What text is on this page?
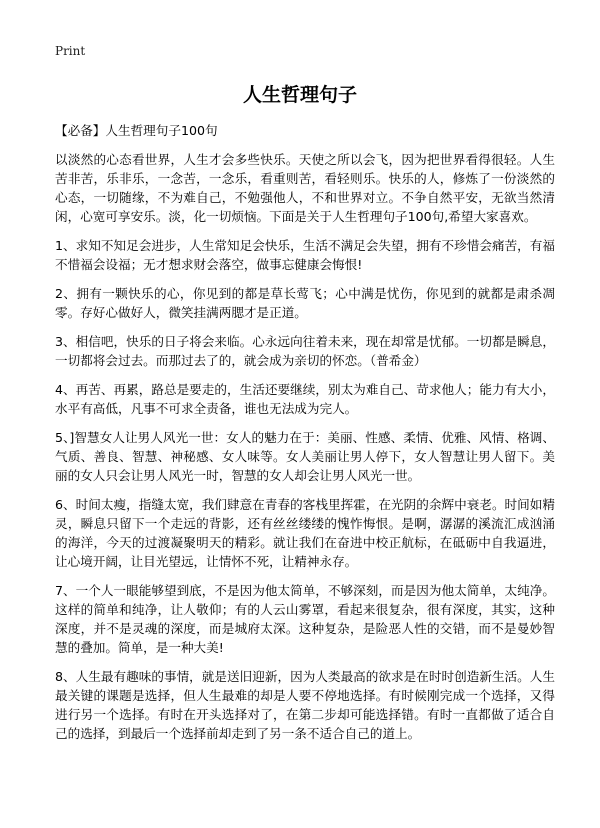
Print
人生哲理句子

【必备】人生哲理句子100句

以淡然的心态看世界，人生才会多些快乐。天使之所以会飞，因为把世界看得很轻。人生苦非苦，乐非乐，一念苦，一念乐，看重则苦，看轻则乐。快乐的人，修炼了一份淡然的心态，一切随缘，不为难自己，不勉强他人，不和世界对立。不争自然平安，无欲当然清闲，心宽可享安乐。淡，化一切烦恼。下面是关于人生哲理句子100句,希望大家喜欢。

1、求知不知足会进步，人生常知足会快乐，生活不满足会失望，拥有不珍惜会痛苦，有福不惜福会设福；无才想求财会落空，做事忘健康会悔恨!

2、拥有一颗快乐的心，你见到的都是草长莺飞；心中满是忧伤，你见到的就都是肃杀凋零。存好心做好人，微笑挂满两腮才是正道。

3、相信吧，快乐的日子将会来临。心永远向往着未来，现在却常是忧郁。一切都是瞬息，一切都将会过去。而那过去了的，就会成为亲切的怀恋。（普希金）

4、再苦、再累，路总是要走的，生活还要继续，别太为难自己、苛求他人；能力有大小，水平有高低，凡事不可求全责备，谁也无法成为完人。

5、]智慧女人让男人风光一世：女人的魅力在于：美丽、性感、柔情、优雅、风情、格调、气质、善良、智慧、神秘感、女人味等。女人美丽让男人停下，女人智慧让男人留下。美丽的女人只会让男人风光一时，智慧的女人却会让男人风光一世。

6、时间太瘦，指缝太宽，我们肆意在青春的客栈里挥霍，在光阴的余辉中衰老。时间如精灵，瞬息只留下一个走远的背影，还有丝丝缕缕的愧怍悔恨。是啊，潺潺的溪流汇成汹涌的海洋，今天的过渡凝聚明天的精彩。就让我们在奋进中校正航标，在砥砺中自我逼进，让心境开阔，让目光望远，让情怀不死，让精神永存。

7、一个人一眼能够望到底，不是因为他太简单，不够深刻，而是因为他太简单，太纯净。这样的简单和纯净，让人敬仰；有的人云山雾罩，看起来很复杂，很有深度，其实，这种深度，并不是灵魂的深度，而是城府太深。这种复杂，是险恶人性的交错，而不是曼妙智慧的叠加。简单，是一种大美!

8、人生最有趣味的事情，就是送旧迎新，因为人类最高的欲求是在时时创造新生活。人生最关键的课题是选择，但人生最难的却是人要不停地选择。有时候刚完成一个选择，又得进行另一个选择。有时在开头选择对了，在第二步却可能选择错。有时一直都做了适合自己的选择，到最后一个选择前却走到了另一条不适合自己的道上。
